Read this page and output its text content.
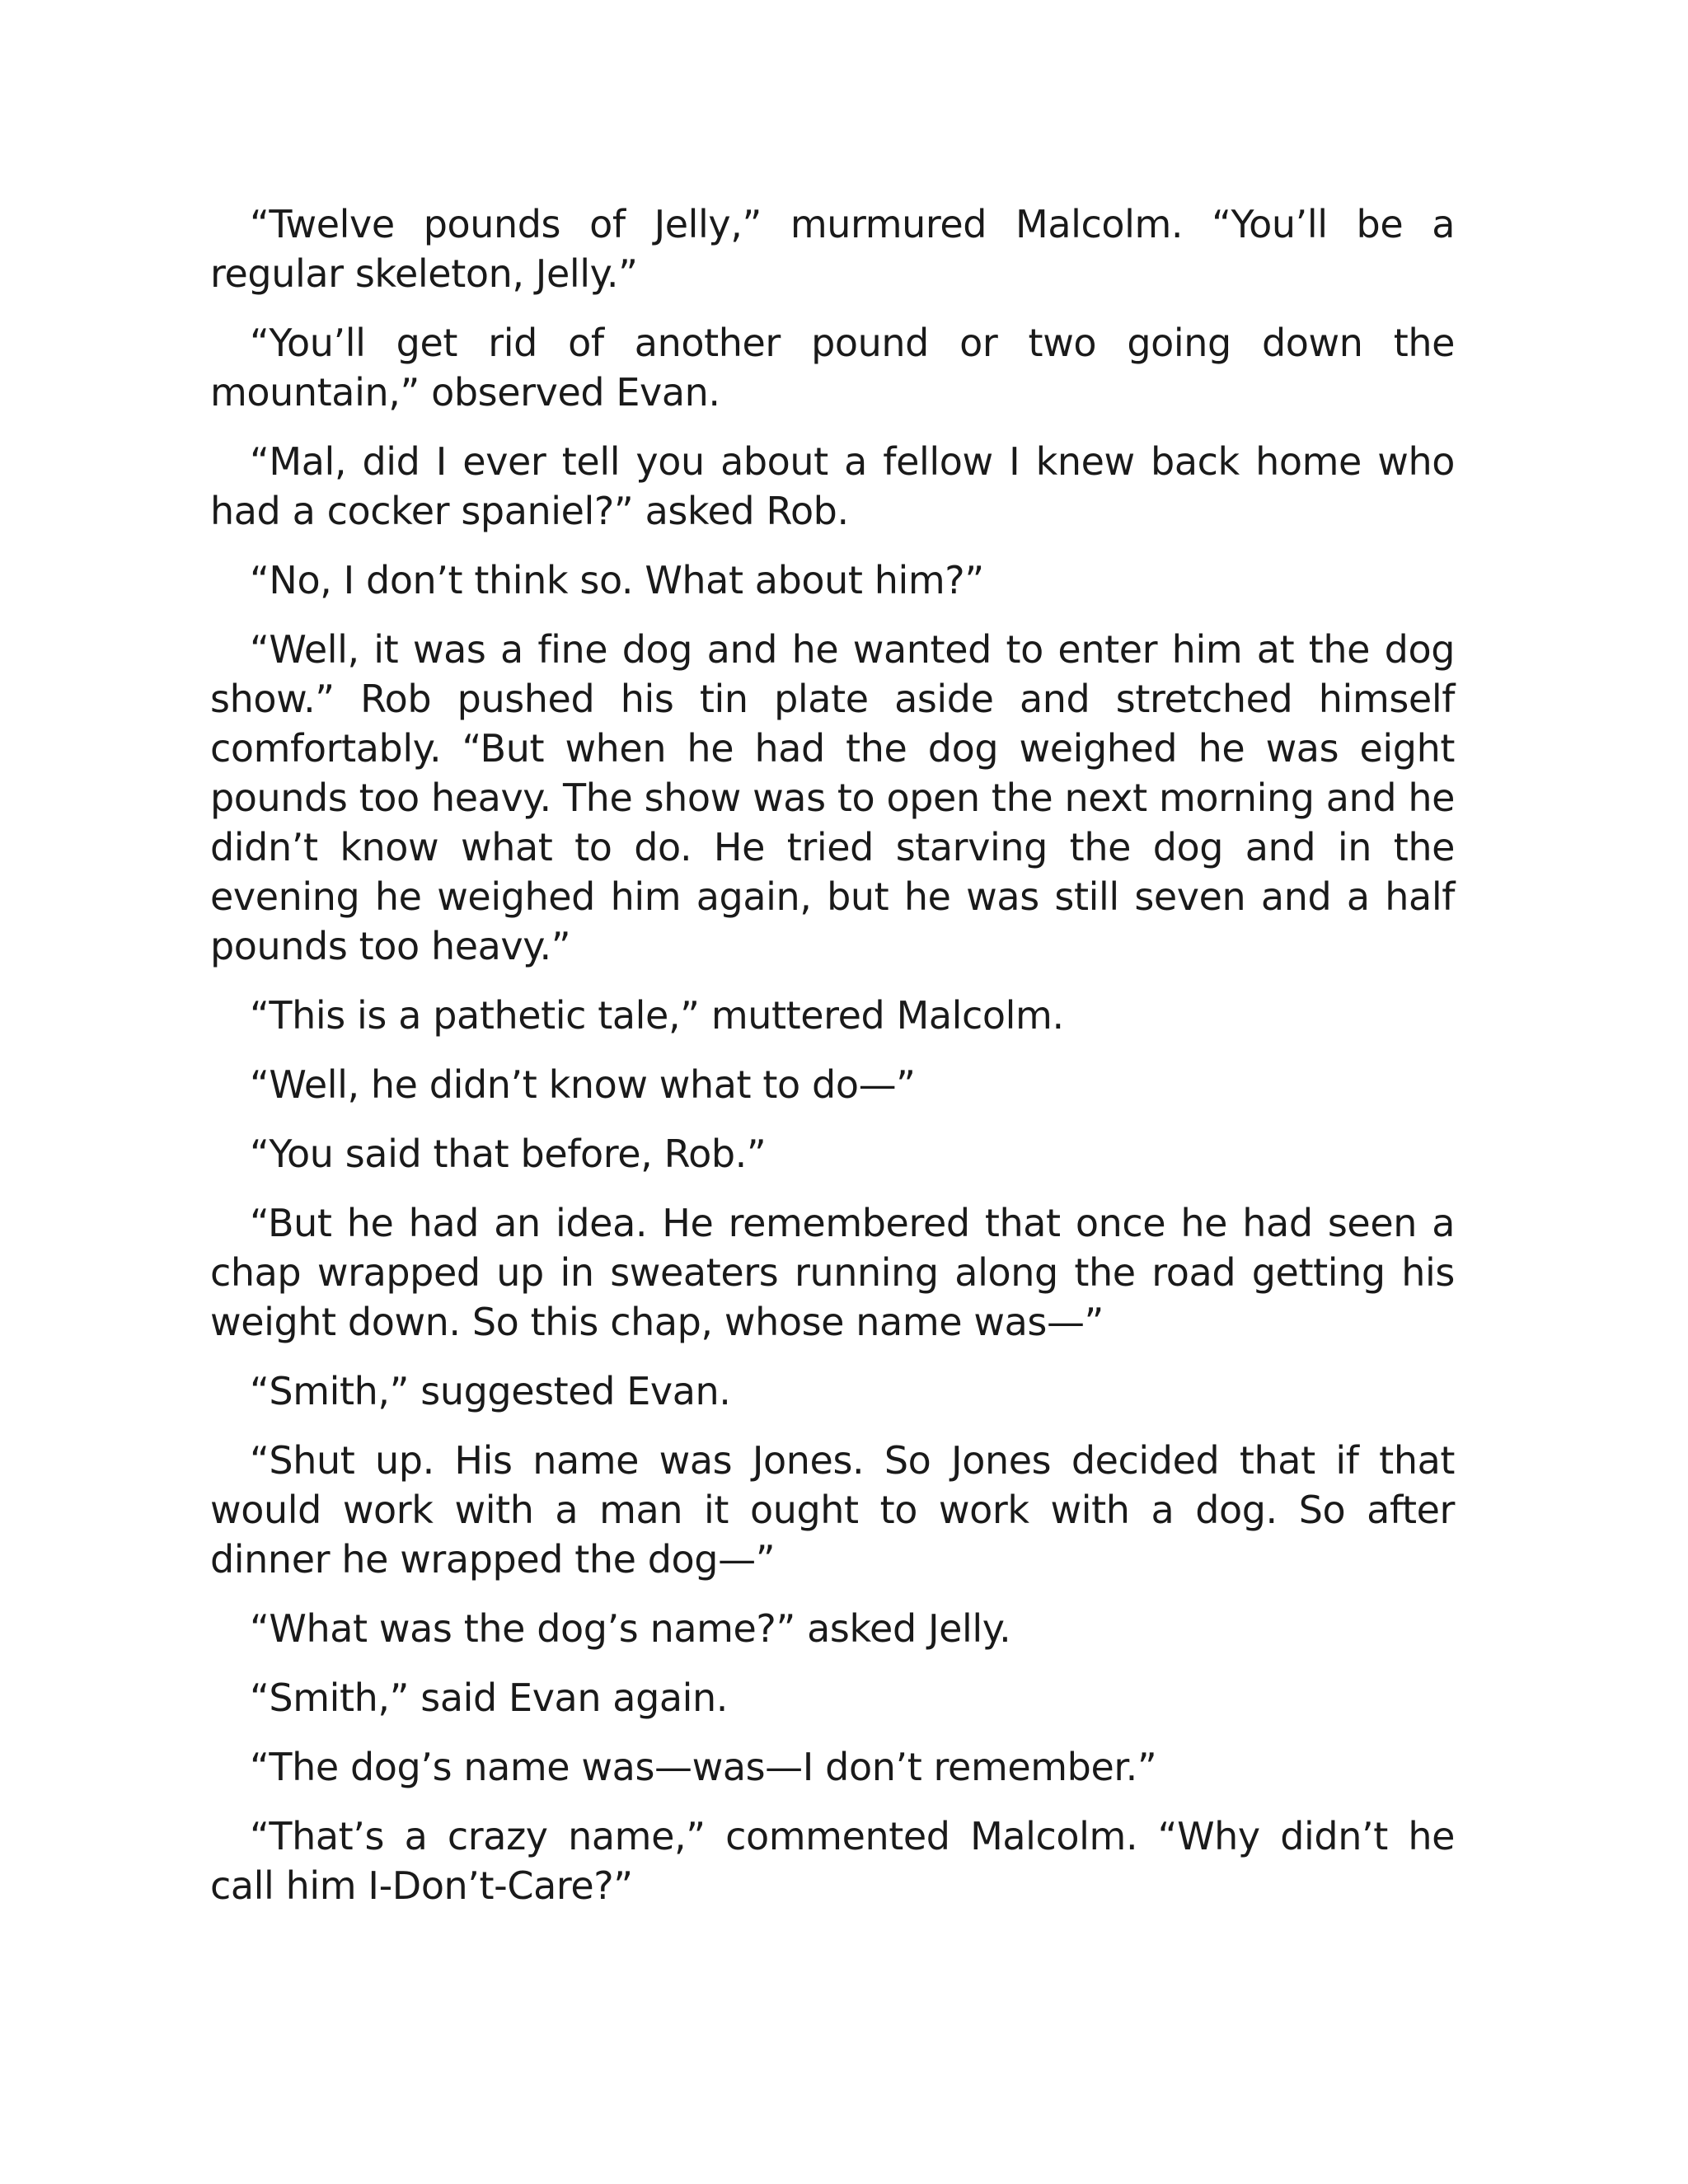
“Twelve pounds of Jelly,” murmured Malcolm. “You’ll be a regular skeleton, Jelly.”

“You’ll get rid of another pound or two going down the mountain,” observed Evan.

“Mal, did I ever tell you about a fellow I knew back home who had a cocker spaniel?” asked Rob.

“No, I don’t think so. What about him?”

“Well, it was a fine dog and he wanted to enter him at the dog show.” Rob pushed his tin plate aside and stretched himself comfortably. “But when he had the dog weighed he was eight pounds too heavy. The show was to open the next morning and he didn’t know what to do. He tried starving the dog and in the evening he weighed him again, but he was still seven and a half pounds too heavy.”

“This is a pathetic tale,” muttered Malcolm.

“Well, he didn’t know what to do—”

“You said that before, Rob.”

“But he had an idea. He remembered that once he had seen a chap wrapped up in sweaters running along the road getting his weight down. So this chap, whose name was—”

“Smith,” suggested Evan.

“Shut up. His name was Jones. So Jones decided that if that would work with a man it ought to work with a dog. So after dinner he wrapped the dog—”

“What was the dog’s name?” asked Jelly.

“Smith,” said Evan again.

“The dog’s name was—was—I don’t remember.”

“That’s a crazy name,” commented Malcolm. “Why didn’t he call him I-Don’t-Care?”
